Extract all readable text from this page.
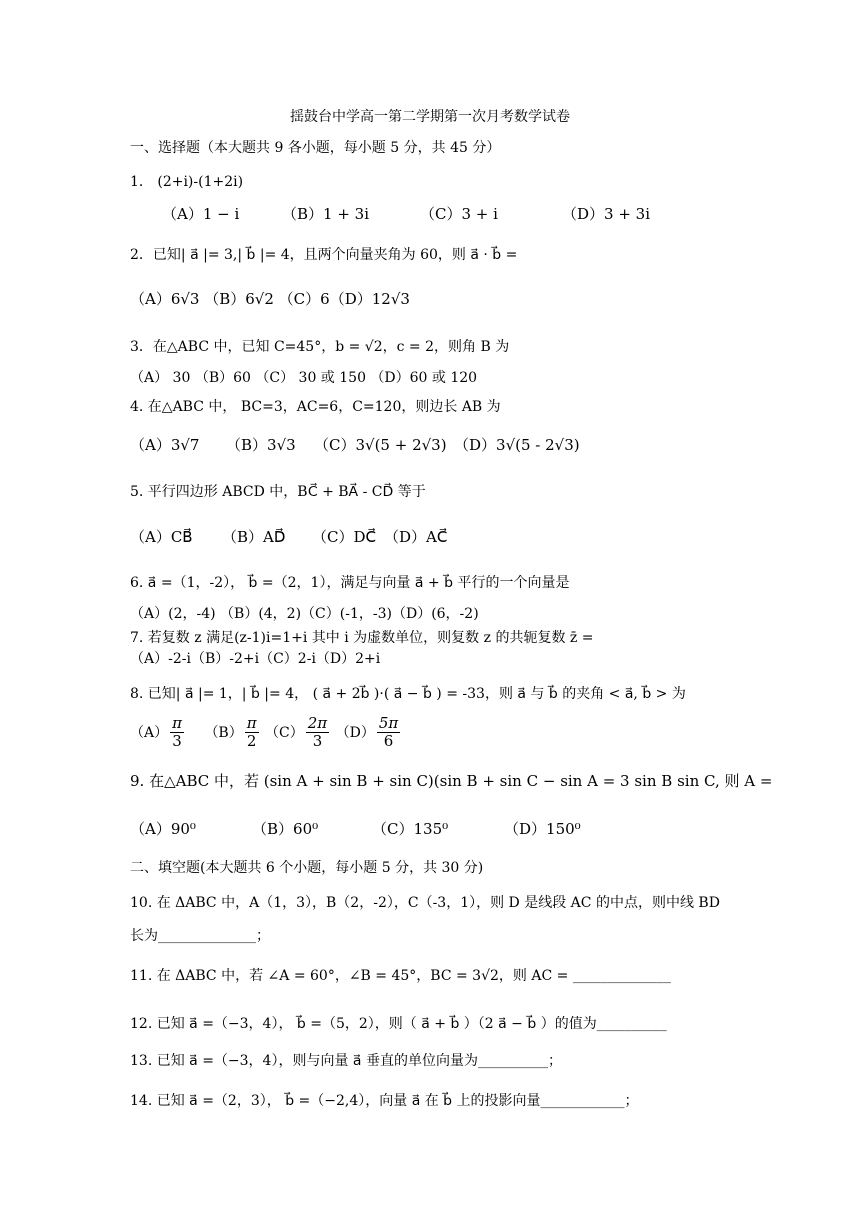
揺鼓台中学高一第二学期第一次月考数学试卷
一、选择题（本大题共 9 各小题，每小题 5 分，共 45 分）
1． (2+i)-(1+2i)
（A）1 − i	（B）1 + 3i	（C）3 + i	（D）3 + 3i
2．已知| a⃗ |= 3,| b⃗ |= 4，且两个向量夹角为 60，则 a⃗ · b⃗ =
（A）6√3 （B）6√2 （C）6（D）12√3
3．在△ABC 中，已知 C=45°，b = √2，c = 2，则角 B 为
（A） 30 （B）60 （C） 30 或 150 （D）60 或 120
4. 在△ABC 中， BC=3，AC=6，C=120，则边长 AB 为
（A）3√7 （B）3√3 （C）3√(5 + 2√3) （D）3√(5 - 2√3)
5. 平行四边形 ABCD 中，BC⃗ + BA⃗ - CD⃗ 等于
（A）CB⃗ （B）AD⃗ （C）DC⃗ （D）AC⃗
6. a⃗ =（1，-2）， b⃗ =（2，1），满足与向量 a⃗ + b⃗ 平行的一个向量是
（A）(2，-4) （B）(4，2)（C）(-1，-3)（D）(6，-2)
7. 若复数 z 满足(z-1)i=1+i 其中 i 为虚数单位，则复数 z 的共轭复数 z̄ =
（A）-2-i（B）-2+i（C）2-i（D）2+i
8. 已知| a⃗ |= 1，| b⃗ |= 4， ( a⃗ + 2b⃗ )·( a⃗ − b⃗ ) = -33，则 a⃗ 与 b⃗ 的夹角 < a⃗, b⃗ > 为
$(A) \frac{\pi}{3} (B) \frac{\pi}{2} (C) \frac{2\pi}{3} (D) \frac{5\pi}{6}$
9. 在△ABC 中，若 (sin A + sin B + sin C)(sin B + sin C − sin A = 3 sin B sin C, 则 A =
（A）90⁰	（B）60⁰	（C）135⁰	（D）150⁰
二、填空题(本大题共 6 个小题，每小题 5 分，共 30 分)
10. 在 ΔABC 中，A（1，3），B（2，-2），C（-3，1），则 D 是线段 AC 的中点，则中线 BD
长为______________；
11. 在 ΔABC 中，若 ∠A = 60°，∠B = 45°，BC = 3√2，则 AC = ______________
12. 已知 a⃗ =（−3，4）， b⃗ =（5，2），则（ a⃗ + b⃗ ）（2 a⃗ − b⃗ ）的值为__________
13. 已知 a⃗ =（−3，4），则与向量 a⃗ 垂直的单位向量为__________；
14. 已知 a⃗ =（2，3）， b⃗ =（−2,4），向量 a⃗ 在 b⃗ 上的投影向量____________；
